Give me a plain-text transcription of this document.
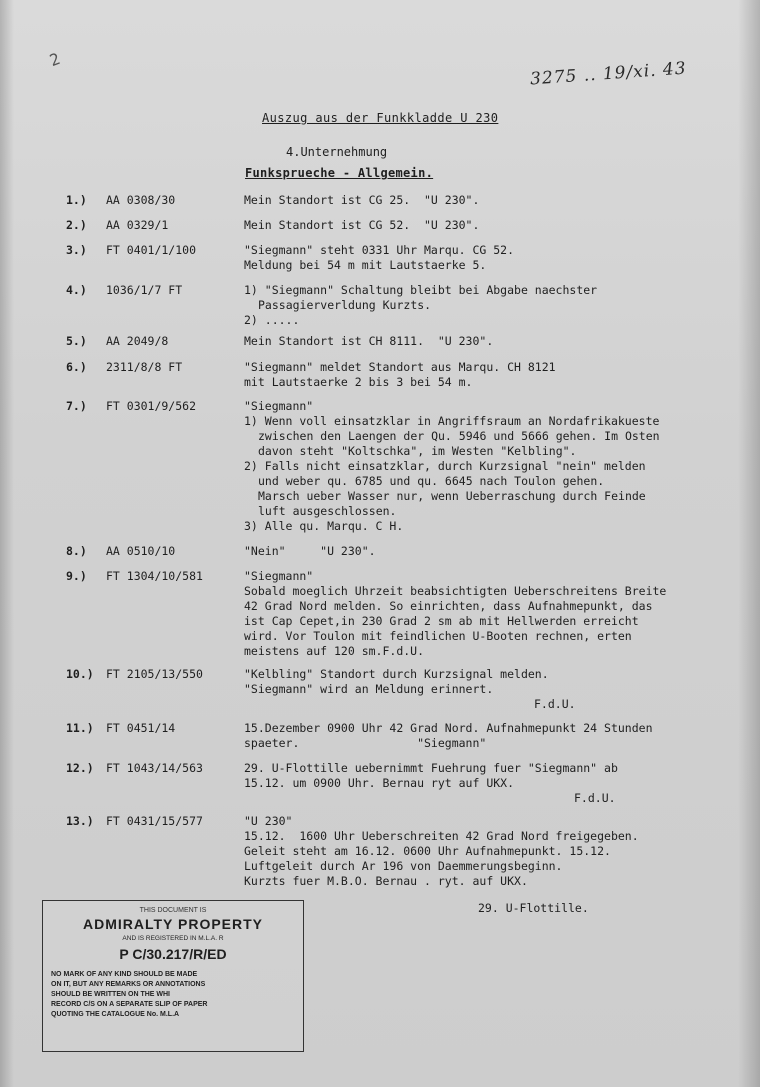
2	3275 .. 19/xi. 43
Auszug aus der Funkkladde U 230
4.Unternehmung
Funksprueche - Allgemein.
1.)	AA 0308/30	Mein Standort ist CG 25.  "U 230".
2.)	AA 0329/1	Mein Standort ist CG 52.  "U 230".
3.)	FT 0401/1/100	"Siegmann" steht 0331 Uhr Marqu. CG 52.
Meldung bei 54 m mit Lautstaerke 5.
4.)	1036/1/7 FT	1) "Siegmann" Schaltung bleibt bei Abgabe naechster
Passagierverldung Kurzts.
2) .....
5.)	AA 2049/8	Mein Standort ist CH 8111.  "U 230".
6.)	2311/8/8 FT	"Siegmann" meldet Standort aus Marqu. CH 8121
mit Lautstaerke 2 bis 3 bei 54 m.
7.)	FT 0301/9/562	"Siegmann"
1) Wenn voll einsatzklar in Angriffsraum an Nordafrikakueste
zwischen den Laengen der Qu. 5946 und 5666 gehen. Im Osten
davon steht "Koltschka", im Westen "Kelbling".
2) Falls nicht einsatzklar, durch Kurzsignal "nein" melden
und weber qu. 6785 und qu. 6645 nach Toulon gehen.
Marsch ueber Wasser nur, wenn Ueberraschung durch Feinde
luft ausgeschlossen.
3) Alle qu. Marqu. C H.
8.)	AA 0510/10	"Nein"     "U 230".
9.)	FT 1304/10/581	"Siegmann"
Sobald moeglich Uhrzeit beabsichtigten Ueberschreitens Breite
42 Grad Nord melden. So einrichten, dass Aufnahmepunkt, das
ist Cap Cepet,in 230 Grad 2 sm ab mit Hellwerden erreicht
wird. Vor Toulon mit feindlichen U-Booten rechnen, erten
meistens auf 120 sm.F.d.U.
10.)	FT 2105/13/550	"Kelbling" Standort durch Kurzsignal melden.
"Siegmann" wird an Meldung erinnert.
F.d.U.
11.)	FT 0451/14	15.Dezember 0900 Uhr 42 Grad Nord. Aufnahmepunkt 24 Stunden
spaeter.                 "Siegmann"
12.)	FT 1043/14/563	29. U-Flottille uebernimmt Fuehrung fuer "Siegmann" ab
15.12. um 0900 Uhr. Bernau ryt auf UKX.
F.d.U.
13.)	FT 0431/15/577	"U 230"
15.12.  1600 Uhr Ueberschreiten 42 Grad Nord freigegeben.
Geleit steht am 16.12. 0600 Uhr Aufnahmepunkt. 15.12.
Luftgeleit durch Ar 196 von Daemmerungsbeginn.
Kurzts fuer M.B.O. Bernau . ryt. auf UKX.
29. U-Flottille.
THIS DOCUMENT IS
ADMIRALTY PROPERTY
AND IS REGISTERED IN M.L.A. R
P C/30.217/R/ED
NO MARK OF ANY KIND SHOULD BE MADE
ON IT, BUT ANY REMARKS OR ANNOTATIONS
SHOULD BE WRITTEN ON THE WHI
RECORD C/S ON A SEPARATE SLIP OF PAPER
QUOTING THE CATALOGUE No. M.L.A
